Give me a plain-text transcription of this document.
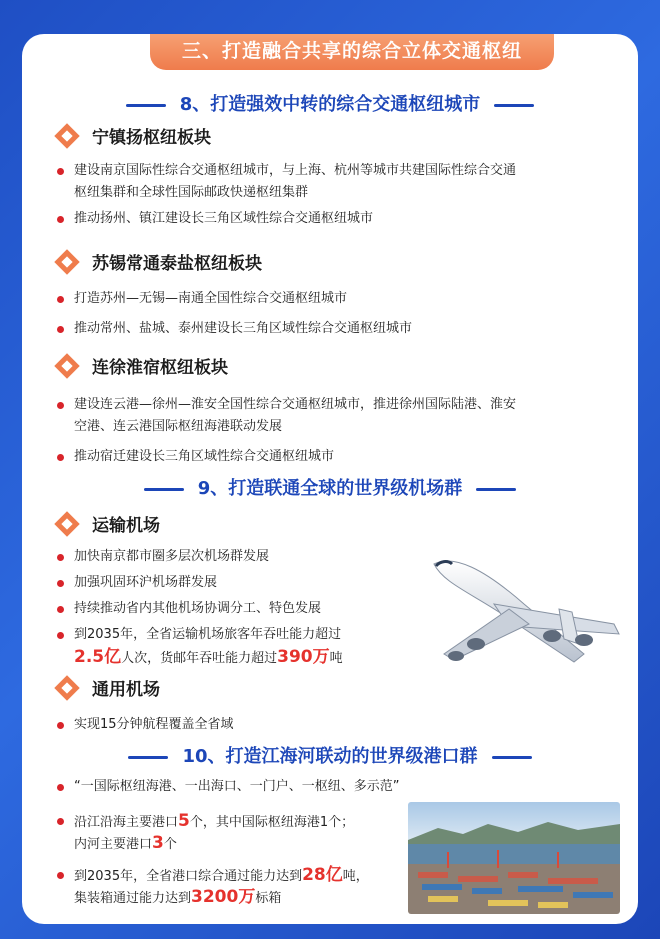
三、打造融合共享的综合立体交通枢纽
8、打造强效中转的综合交通枢纽城市
宁镇扬枢纽板块
建设南京国际性综合交通枢纽城市，与上海、杭州等城市共建国际性综合交通
枢纽集群和全球性国际邮政快递枢纽集群
推动扬州、镇江建设长三角区域性综合交通枢纽城市
苏锡常通泰盐枢纽板块
打造苏州—无锡—南通全国性综合交通枢纽城市
推动常州、盐城、泰州建设长三角区域性综合交通枢纽城市
连徐淮宿枢纽板块
建设连云港—徐州—淮安全国性综合交通枢纽城市，推进徐州国际陆港、淮安
空港、连云港国际枢纽海港联动发展
推动宿迁建设长三角区域性综合交通枢纽城市
9、打造联通全球的世界级机场群
运输机场
加快南京都市圈多层次机场群发展
加强巩固环沪机场群发展
持续推动省内其他机场协调分工、特色发展
到2035年，全省运输机场旅客年吞吐能力超过
2.5亿人次，货邮年吞吐能力超过390万吨
通用机场
实现15分钟航程覆盖全省域
10、打造江海河联动的世界级港口群
“一国际枢纽海港、一出海口、一门户、一枢纽、多示范”
沿江沿海主要港口5个，其中国际枢纽海港1个；
内河主要港口3个
到2035年，全省港口综合通过能力达到28亿吨，
集装箱通过能力达到3200万标箱
